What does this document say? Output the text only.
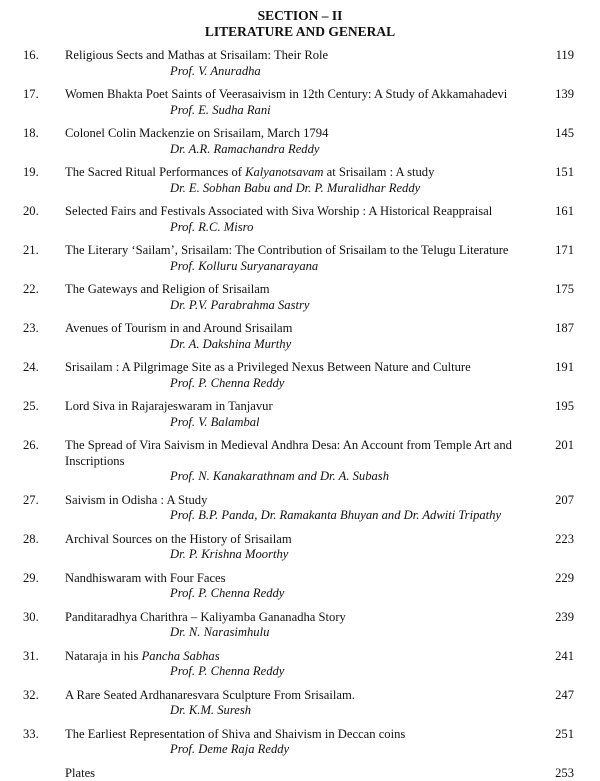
SECTION – II
LITERATURE AND GENERAL
16. Religious Sects and Mathas at Srisailam: Their Role
Prof. V. Anuradha
119
17. Women Bhakta Poet Saints of Veerasaivism in 12th Century: A Study of Akkamahadevi
Prof. E. Sudha Rani
139
18. Colonel Colin Mackenzie on Srisailam, March 1794
Dr. A.R. Ramachandra Reddy
145
19. The Sacred Ritual Performances of Kalyanotsavam at Srisailam : A study
Dr. E. Sobhan Babu and Dr. P. Muralidhar Reddy
151
20. Selected Fairs and Festivals Associated with Siva Worship : A Historical Reappraisal
Prof. R.C. Misro
161
21. The Literary ‘Sailam’, Srisailam: The Contribution of Srisailam to the Telugu Literature
Prof. Kolluru Suryanarayana
171
22. The Gateways and Religion of Srisailam
Dr. P.V. Parabrahma Sastry
175
23. Avenues of Tourism in and Around Srisailam
Dr. A. Dakshina Murthy
187
24. Srisailam : A Pilgrimage Site as a Privileged Nexus Between Nature and Culture
Prof. P. Chenna Reddy
191
25. Lord Siva in Rajarajeswaram in Tanjavur
Prof. V. Balambal
195
26. The Spread of Vira Saivism in Medieval Andhra Desa: An Account from Temple Art and Inscriptions
Prof. N. Kanakarathnam and Dr. A. Subash
201
27. Saivism in Odisha : A Study
Prof. B.P. Panda, Dr. Ramakanta Bhuyan and Dr. Adwiti Tripathy
207
28. Archival Sources on the History of Srisailam
Dr. P. Krishna Moorthy
223
29. Nandhiswaram with Four Faces
Prof. P. Chenna Reddy
229
30. Panditaradhya Charithra – Kaliyamba Gananadha Story
Dr. N. Narasimhulu
239
31. Nataraja in his Pancha Sabhas
Prof. P. Chenna Reddy
241
32. A Rare Seated Ardhanaresvara Sculpture From Srisailam.
Dr. K.M. Suresh
247
33. The Earliest Representation of Shiva and Shaivism in Deccan coins
Prof. Deme Raja Reddy
251
Plates	253
